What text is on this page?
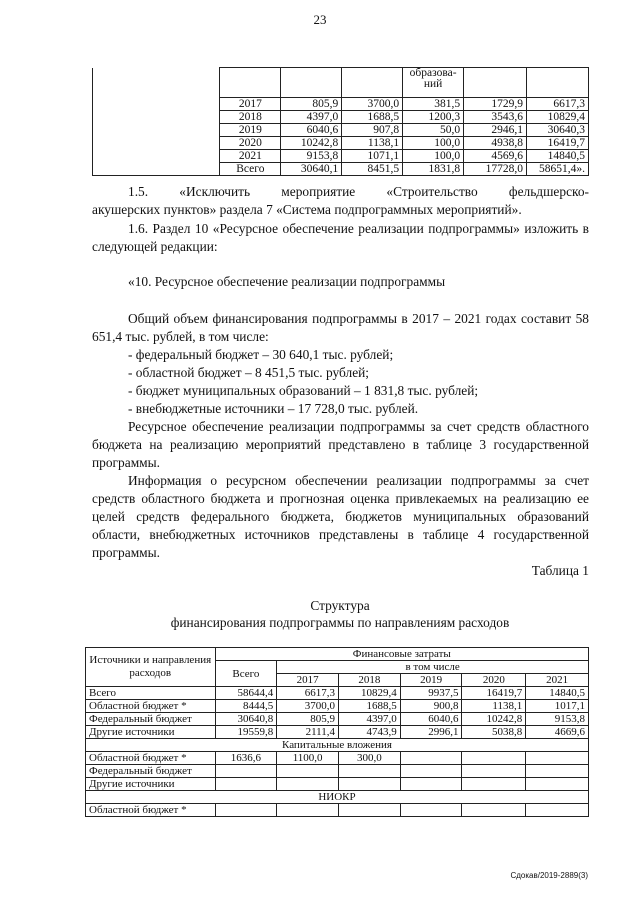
23
				образова-
ний		
	2017	805,9	3700,0	381,5	1729,9	6617,3
	2018	4397,0	1688,5	1200,3	3543,6	10829,4
	2019	6040,6	907,8	50,0	2946,1	30640,3
	2020	10242,8	1138,1	100,0	4938,8	16419,7
	2021	9153,8	1071,1	100,0	4569,6	14840,5
	Всего	30640,1	8451,5	1831,8	17728,0	58651,4».
1.5. «Исключить мероприятие «Строительство фельдшерско-
акушерских пунктов» раздела 7 «Система подпрограммных мероприятий».
1.6. Раздел 10 «Ресурсное обеспечение реализации подпрограммы» изложить в следующей редакции:
«10. Ресурсное обеспечение реализации подпрограммы
Общий объем финансирования подпрограммы в 2017 – 2021 годах составит 58 651,4 тыс. рублей, в том числе:
- федеральный бюджет – 30 640,1 тыс. рублей;
- областной бюджет – 8 451,5 тыс. рублей;
- бюджет муниципальных образований – 1 831,8 тыс. рублей;
- внебюджетные источники – 17 728,0 тыс. рублей.
Ресурсное обеспечение реализации подпрограммы за счет средств областного бюджета на реализацию мероприятий представлено в таблице 3 государственной программы.
Информация о ресурсном обеспечении реализации подпрограммы за счет средств областного бюджета и прогнозная оценка привлекаемых на реализацию ее целей средств федерального бюджета, бюджетов муниципальных образований области, внебюджетных источников представлены в таблице 4 государственной программы.
Таблица 1
Структура
финансирования подпрограммы по направлениям расходов
Источники и направления расходов	Финансовые затраты					
	Всего	в том числе				
		2017	2018	2019	2020	2021
Всего	58644,4	6617,3	10829,4	9937,5	16419,7	14840,5
Областной бюджет *	8444,5	3700,0	1688,5	900,8	1138,1	1017,1
Федеральный бюджет	30640,8	805,9	4397,0	6040,6	10242,8	9153,8
Другие источники	19559,8	2111,4	4743,9	2996,1	5038,8	4669,6
Капитальные вложения						
Областной бюджет *	1636,6	1100,0	300,0			
Федеральный бюджет						
Другие источники						
НИОКР						
Областной бюджет *						
Сдокав/2019-2889(3)
